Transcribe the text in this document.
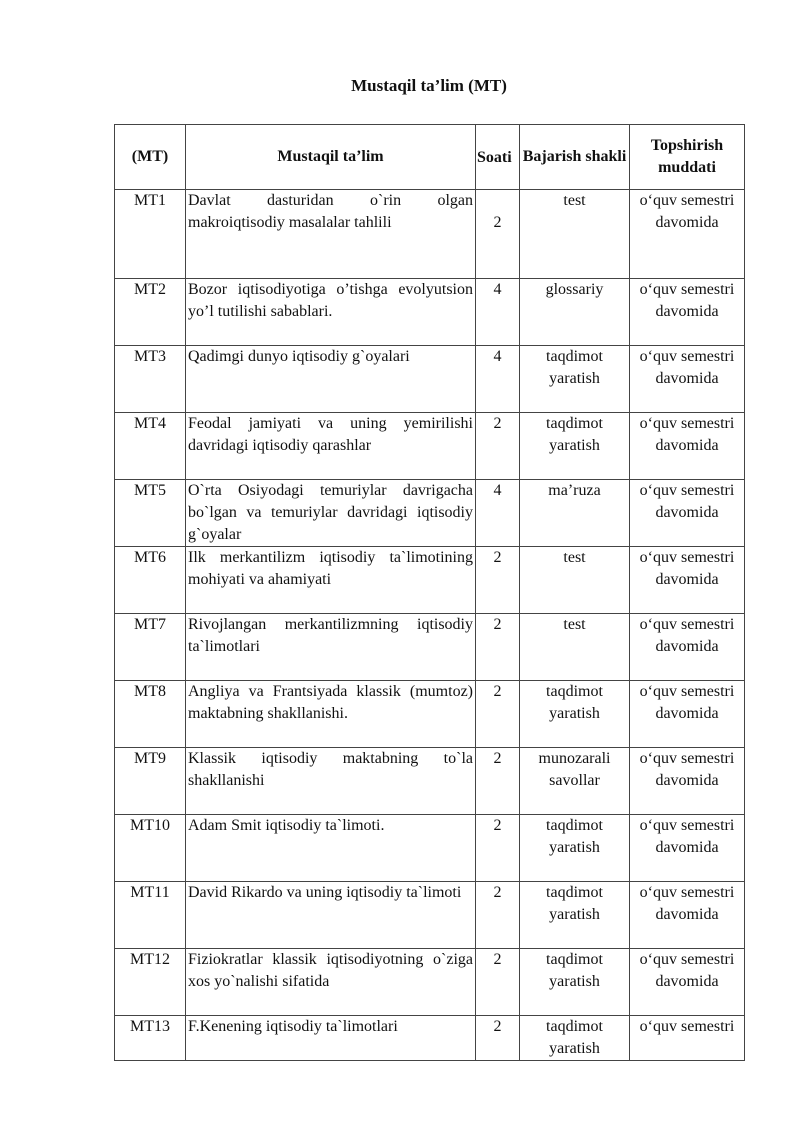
Mustaqil ta’lim (MT)
(MT)	Mustaqil ta’lim	Soati	Bajarish shakli	Topshirish muddati

MT1	Davlat dasturidan o`rin olgan makroiqtisodiy masalalar tahlili	2	test	o‘quv semestri davomida

MT2	Bozor iqtisodiyotiga o’tishga evolyutsion yo’l tutilishi sabablari.	4	glossariy	o‘quv semestri davomida

MT3	Qadimgi dunyo iqtisodiy g`oyalari	4	taqdimot yaratish	o‘quv semestri davomida

MT4	Feodal jamiyati va uning yemirilishi davridagi iqtisodiy qarashlar	2	taqdimot yaratish	o‘quv semestri davomida

MT5	O`rta Osiyodagi temuriylar davrigacha bo`lgan va temuriylar davridagi iqtisodiy g`oyalar	4	ma’ruza	o‘quv semestri davomida

MT6	Ilk merkantilizm iqtisodiy ta`limotining mohiyati va ahamiyati	2	test	o‘quv semestri davomida

MT7	Rivojlangan merkantilizmning iqtisodiy ta`limotlari	2	test	o‘quv semestri davomida

MT8	Angliya va Frantsiyada klassik (mumtoz) maktabning shakllanishi.	2	taqdimot yaratish	o‘quv semestri davomida

MT9	Klassik iqtisodiy maktabning to`la shakllanishi	2	munozarali savollar	o‘quv semestri davomida

MT10	Adam Smit iqtisodiy ta`limoti.	2	taqdimot yaratish	o‘quv semestri davomida

MT11	David Rikardo va uning iqtisodiy ta`limoti	2	taqdimot yaratish	o‘quv semestri davomida

MT12	Fiziokratlar klassik iqtisodiyotning o`ziga xos yo`nalishi sifatida	2	taqdimot yaratish	o‘quv semestri davomida

MT13	F.Kenening iqtisodiy ta`limotlari	2	taqdimot yaratish	o‘quv semestri
